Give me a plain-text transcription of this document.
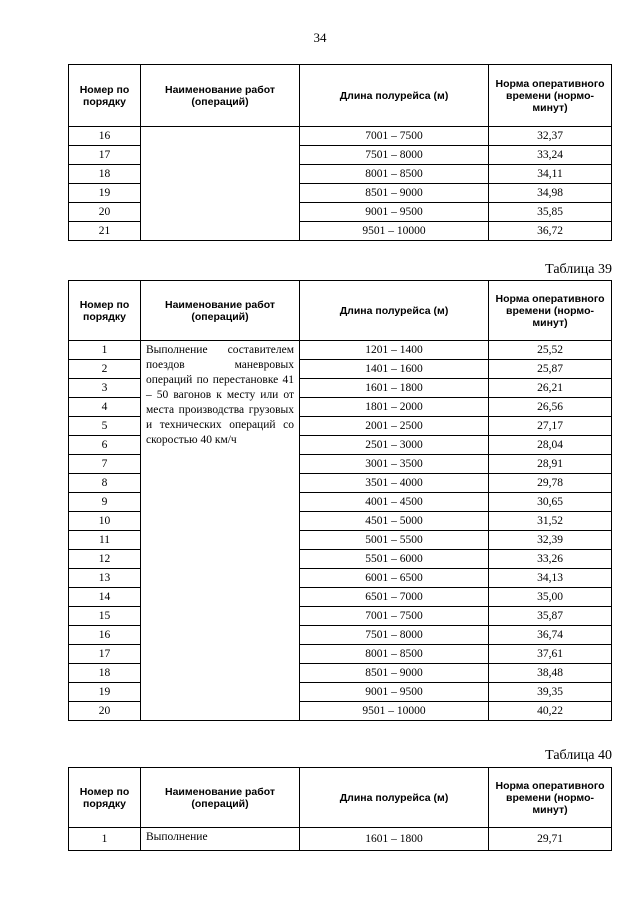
34
Номер по порядку	Наименование работ (операций)	Длина полурейса (м)	Норма оперативного времени (нормо-минут)
16		7001 – 7500	32,37
17		7501 – 8000	33,24
18		8001 – 8500	34,11
19		8501 – 9000	34,98
20		9001 – 9500	35,85
21		9501 – 10000	36,72
Таблица 39
Номер по порядку	Наименование работ (операций)	Длина полурейса (м)	Норма оперативного времени (нормо-минут)
1	Выполнение составителем поездов маневровых операций по перестановке 41 – 50 вагонов к месту или от места производства грузовых и технических операций со скоростью 40 км/ч	1201 – 1400	25,52
2		1401 – 1600	25,87
3		1601 – 1800	26,21
4		1801 – 2000	26,56
5		2001 – 2500	27,17
6		2501 – 3000	28,04
7		3001 – 3500	28,91
8		3501 – 4000	29,78
9		4001 – 4500	30,65
10		4501 – 5000	31,52
11		5001 – 5500	32,39
12		5501 – 6000	33,26
13		6001 – 6500	34,13
14		6501 – 7000	35,00
15		7001 – 7500	35,87
16		7501 – 8000	36,74
17		8001 – 8500	37,61
18		8501 – 9000	38,48
19		9001 – 9500	39,35
20		9501 – 10000	40,22
Таблица 40
Номер по порядку	Наименование работ (операций)	Длина полурейса (м)	Норма оперативного времени (нормо-минут)
1	Выполнение	1601 – 1800	29,71
